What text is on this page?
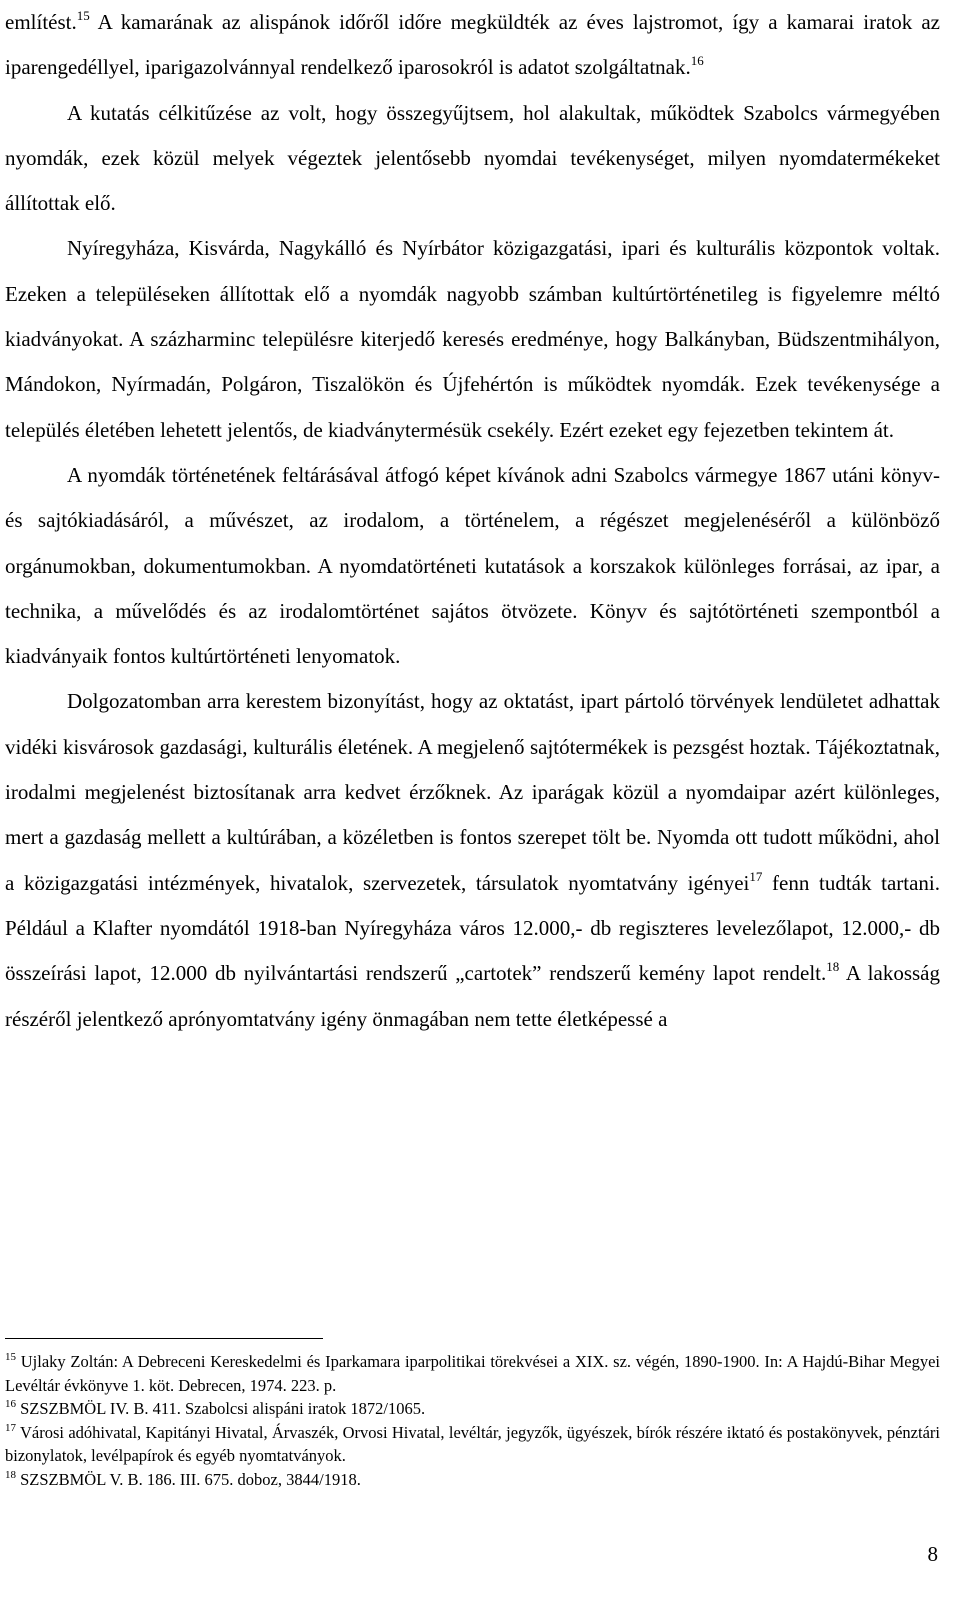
említést.$^{15}$ A kamarának az alispánok időről időre megküldték az éves lajstromot, így a kamarai iratok az iparengedéllyel, iparigazolvánnyal rendelkező iparosokról is adatot szolgáltatnak.$^{16}$

A kutatás célkitűzése az volt, hogy összegyűjtsem, hol alakultak, működtek Szabolcs vármegyében nyomdák, ezek közül melyek végeztek jelentősebb nyomdai tevékenységet, milyen nyomdatermékeket állítottak elő.

Nyíregyháza, Kisvárda, Nagykálló és Nyírbátor közigazgatási, ipari és kulturális központok voltak. Ezeken a településeken állítottak elő a nyomdák nagyobb számban kultúrtörténetileg is figyelemre méltó kiadványokat. A százharminc településre kiterjedő keresés eredménye, hogy Balkányban, Büdszentmihályon, Mándokon, Nyírmadán, Polgáron, Tiszalökön és Újfehértón is működtek nyomdák. Ezek tevékenysége a település életében lehetett jelentős, de kiadványtermésük csekély. Ezért ezeket egy fejezetben tekintem át.

A nyomdák történetének feltárásával átfogó képet kívánok adni Szabolcs vármegye 1867 utáni könyv- és sajtókiadásáról, a művészet, az irodalom, a történelem, a régészet megjelenéséről a különböző orgánumokban, dokumentumokban. A nyomdatörténeti kutatások a korszakok különleges forrásai, az ipar, a technika, a művelődés és az irodalomtörténet sajátos ötvözete. Könyv és sajtótörténeti szempontból a kiadványaik fontos kultúrtörténeti lenyomatok.

Dolgozatomban arra kerestem bizonyítást, hogy az oktatást, ipart pártoló törvények lendületet adhattak vidéki kisvárosok gazdasági, kulturális életének. A megjelenő sajtótermékek is pezsgést hoztak. Tájékoztatnak, irodalmi megjelenést biztosítanak arra kedvet érzőknek. Az iparágak közül a nyomdaipar azért különleges, mert a gazdaság mellett a kultúrában, a közéletben is fontos szerepet tölt be. Nyomda ott tudott működni, ahol a közigazgatási intézmények, hivatalok, szervezetek, társulatok nyomtatvány igényei$^{17}$ fenn tudták tartani. Például a Klafter nyomdától 1918-ban Nyíregyháza város 12.000,- db regiszteres levelezőlapot, 12.000,- db összeírási lapot, 12.000 db nyilvántartási rendszerű „cartotek” rendszerű kemény lapot rendelt.$^{18}$ A lakosság részéről jelentkező aprónyomtatvány igény önmagában nem tette életképessé a

$^{15}$ Ujlaky Zoltán: A Debreceni Kereskedelmi és Iparkamara iparpolitikai törekvései a XIX. sz. végén, 1890-1900. In: A Hajdú-Bihar Megyei Levéltár évkönyve 1. köt. Debrecen, 1974. 223. p.

$^{16}$ SZSZBMÖL IV. B. 411. Szabolcsi alispáni iratok 1872/1065.

$^{17}$ Városi adóhivatal, Kapitányi Hivatal, Árvaszék, Orvosi Hivatal, levéltár, jegyzők, ügyészek, bírók részére iktató és postakönyvek, pénztári bizonylatok, levélpapírok és egyéb nyomtatványok.

$^{18}$ SZSZBMÖL V. B. 186. III. 675. doboz, 3844/1918.

8
